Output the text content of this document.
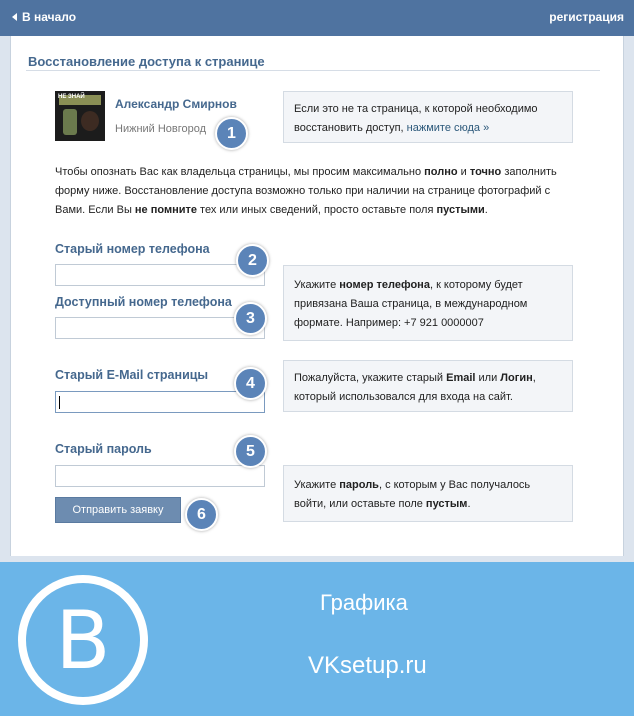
В начало	регистрация
Восстановление доступа к странице
НЕ ЗНАЙ	Александр Смирнов
Нижний Новгород
Если это не та страница, к которой необходимо восстановить доступ, нажмите сюда »
Чтобы опознать Вас как владельца страницы, мы просим максимально полно и точно заполнить форму ниже. Восстановление доступа возможно только при наличии на странице фотографий с Вами. Если Вы не помните тех или иных сведений, просто оставьте поля пустыми.
Старый номер телефона
Доступный номер телефона
Укажите номер телефона, к которому будет привязана Ваша страница, в международном формате. Например: +7 921 0000007
Старый E-Mail страницы	Пожалуйста, укажите старый Email или Логин, который использовался для входа на сайт.
Старый пароль
Укажите пароль, с которым у Вас получалось войти, или оставьте поле пустым.
Отправить заявку
1
2
3
4
5
6
В	Графика
VKsetup.ru
